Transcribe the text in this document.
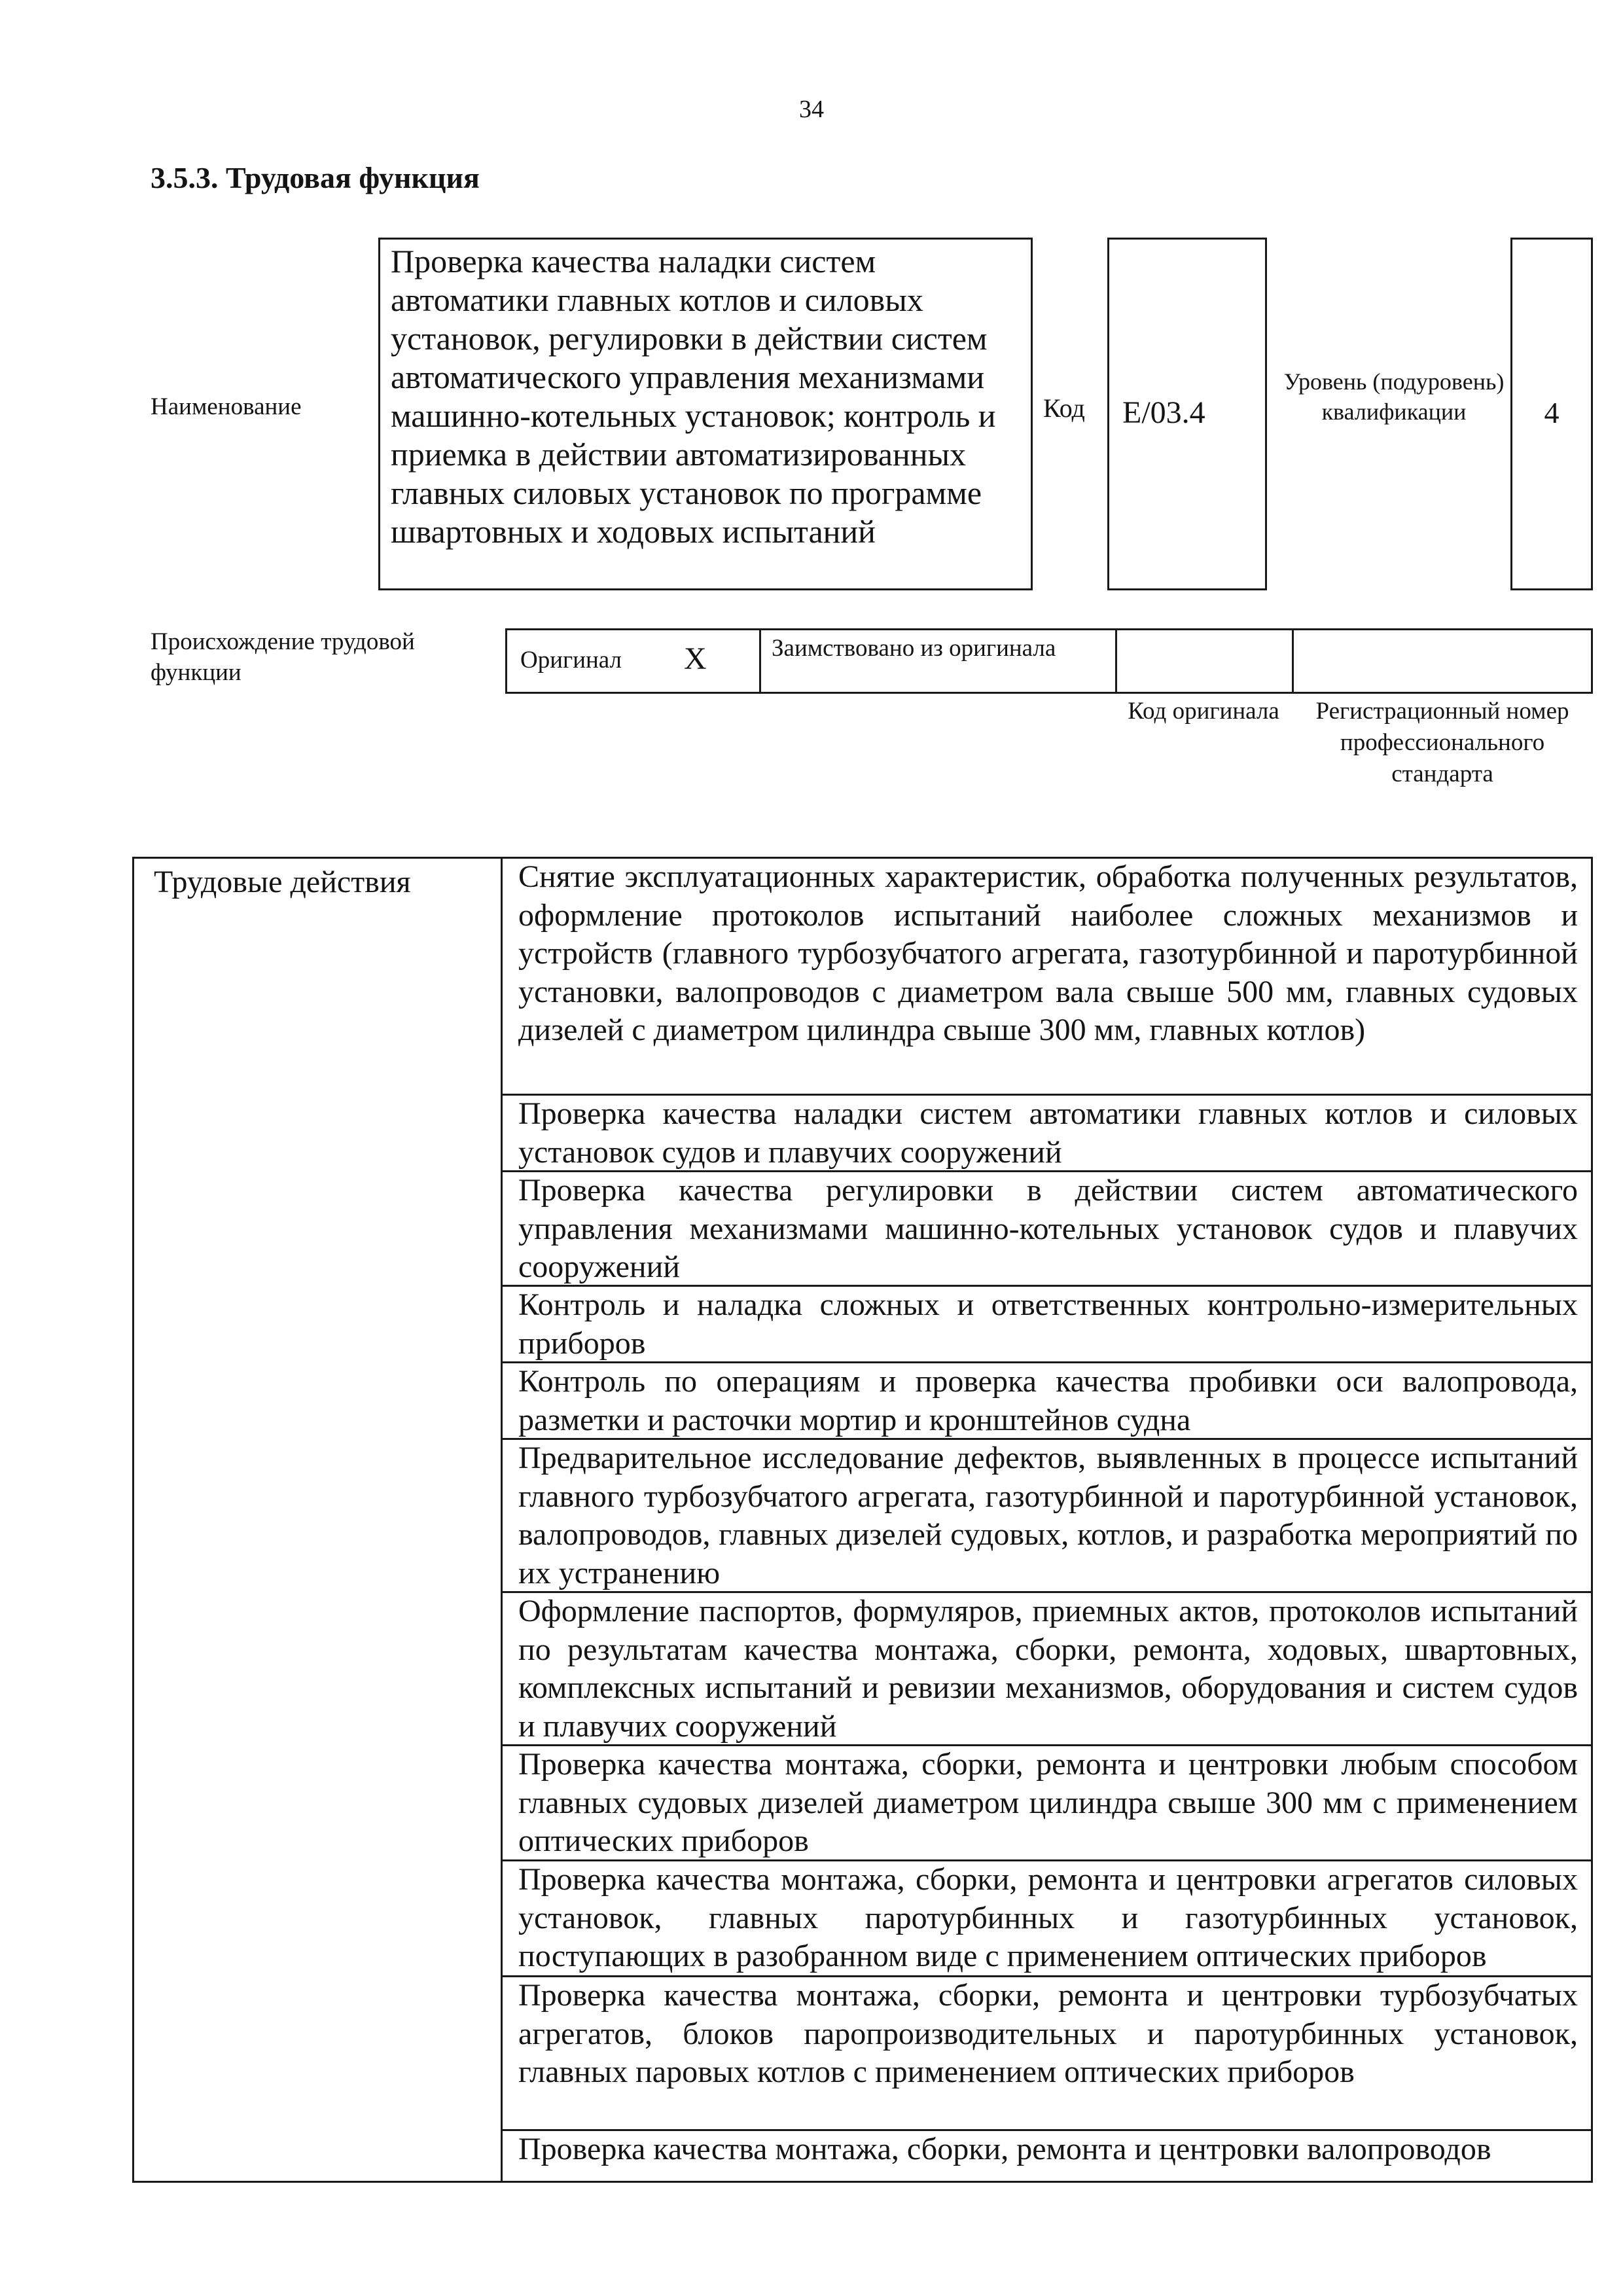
34
3.5.3. Трудовая функция
Наименование
Проверка качества наладки систем автоматики главных котлов и силовых установок, регулировки в действии систем автоматического управления механизмами машинно-котельных установок; контроль и приемка в действии автоматизированных главных силовых установок по программе швартовных и ходовых испытаний
Код E/03.4
Уровень (подуровень) квалификации	4
Происхождение трудовой функции	Оригинал X	Заимствовано из оригинала
Код оригинала	Регистрационный номер профессионального стандарта
Трудовые действия	Снятие эксплуатационных характеристик, обработка полученных результатов, оформление протоколов испытаний наиболее сложных механизмов и устройств (главного турбозубчатого агрегата, газотурбинной и паротурбинной установки, валопроводов с диаметром вала свыше 500 мм, главных судовых дизелей с диаметром цилиндра свыше 300 мм, главных котлов)
Проверка качества наладки систем автоматики главных котлов и силовых установок судов и плавучих сооружений
Проверка качества регулировки в действии систем автоматического управления механизмами машинно-котельных установок судов и плавучих сооружений
Контроль и наладка сложных и ответственных контрольно-измерительных приборов
Контроль по операциям и проверка качества пробивки оси валопровода, разметки и расточки мортир и кронштейнов судна
Предварительное исследование дефектов, выявленных в процессе испытаний главного турбозубчатого агрегата, газотурбинной и паротурбинной установок, валопроводов, главных дизелей судовых, котлов, и разработка мероприятий по их устранению
Оформление паспортов, формуляров, приемных актов, протоколов испытаний по результатам качества монтажа, сборки, ремонта, ходовых, швартовных, комплексных испытаний и ревизии механизмов, оборудования и систем судов и плавучих сооружений
Проверка качества монтажа, сборки, ремонта и центровки любым способом главных судовых дизелей диаметром цилиндра свыше 300 мм с применением оптических приборов
Проверка качества монтажа, сборки, ремонта и центровки агрегатов силовых установок, главных паротурбинных и газотурбинных установок, поступающих в разобранном виде с применением оптических приборов
Проверка качества монтажа, сборки, ремонта и центровки турбозубчатых агрегатов, блоков паропроизводительных и паротурбинных установок, главных паровых котлов с применением оптических приборов
Проверка качества монтажа, сборки, ремонта и центровки валопроводов
